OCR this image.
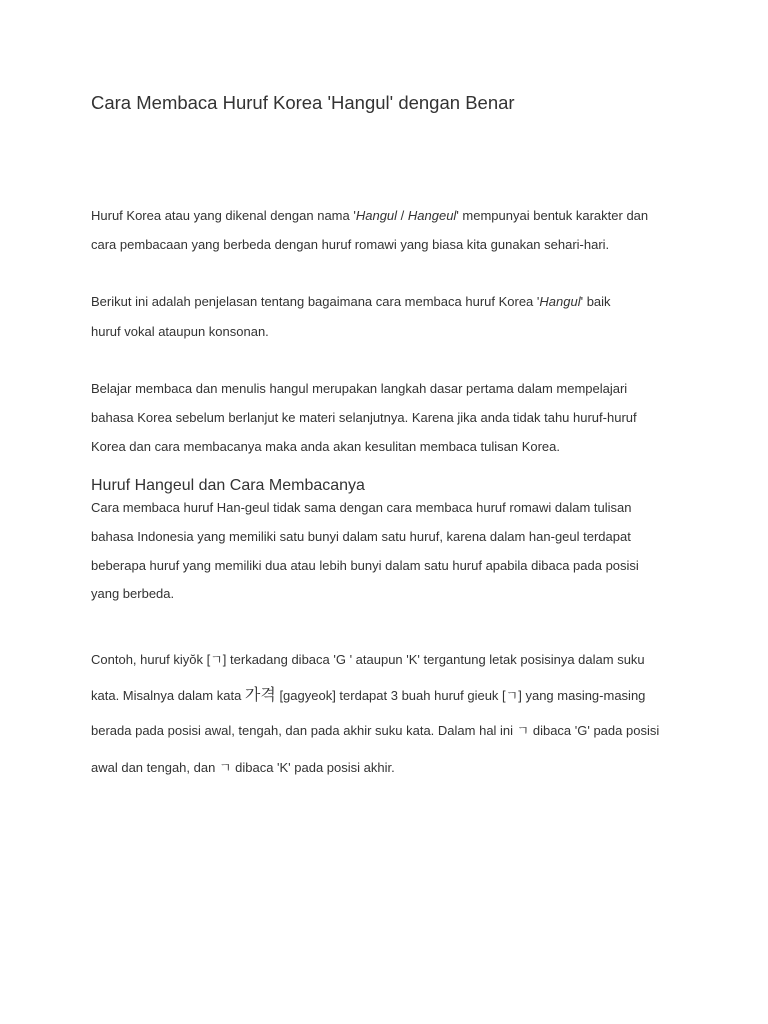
Cara Membaca Huruf Korea 'Hangul' dengan Benar

Huruf Korea atau yang dikenal dengan nama 'Hangul / Hangeul' mempunyai bentuk karakter dan

cara pembacaan yang berbeda dengan huruf romawi yang biasa kita gunakan sehari-hari.

Berikut ini adalah penjelasan tentang bagaimana cara membaca huruf Korea 'Hangul' baik

huruf vokal ataupun konsonan.

Belajar membaca dan menulis hangul merupakan langkah dasar pertama dalam mempelajari

bahasa Korea sebelum berlanjut ke materi selanjutnya. Karena jika anda tidak tahu huruf-huruf

Korea dan cara membacanya maka anda akan kesulitan membaca tulisan Korea.

Huruf Hangeul dan Cara Membacanya

Cara membaca huruf Han-geul tidak sama dengan cara membaca huruf romawi dalam tulisan

bahasa Indonesia yang memiliki satu bunyi dalam satu huruf, karena dalam han-geul terdapat

beberapa huruf yang memiliki dua atau lebih bunyi dalam satu huruf apabila dibaca pada posisi

yang berbeda.

Contoh, huruf kiyŏk [ㄱ] terkadang dibaca 'G ' ataupun 'K' tergantung letak posisinya dalam suku

kata. Misalnya dalam kata 가격 [gagyeok] terdapat 3 buah huruf gieuk [ㄱ] yang masing-masing

berada pada posisi awal, tengah, dan pada akhir suku kata. Dalam hal ini ㄱ dibaca 'G' pada posisi

awal dan tengah, dan ㄱ dibaca 'K' pada posisi akhir.
